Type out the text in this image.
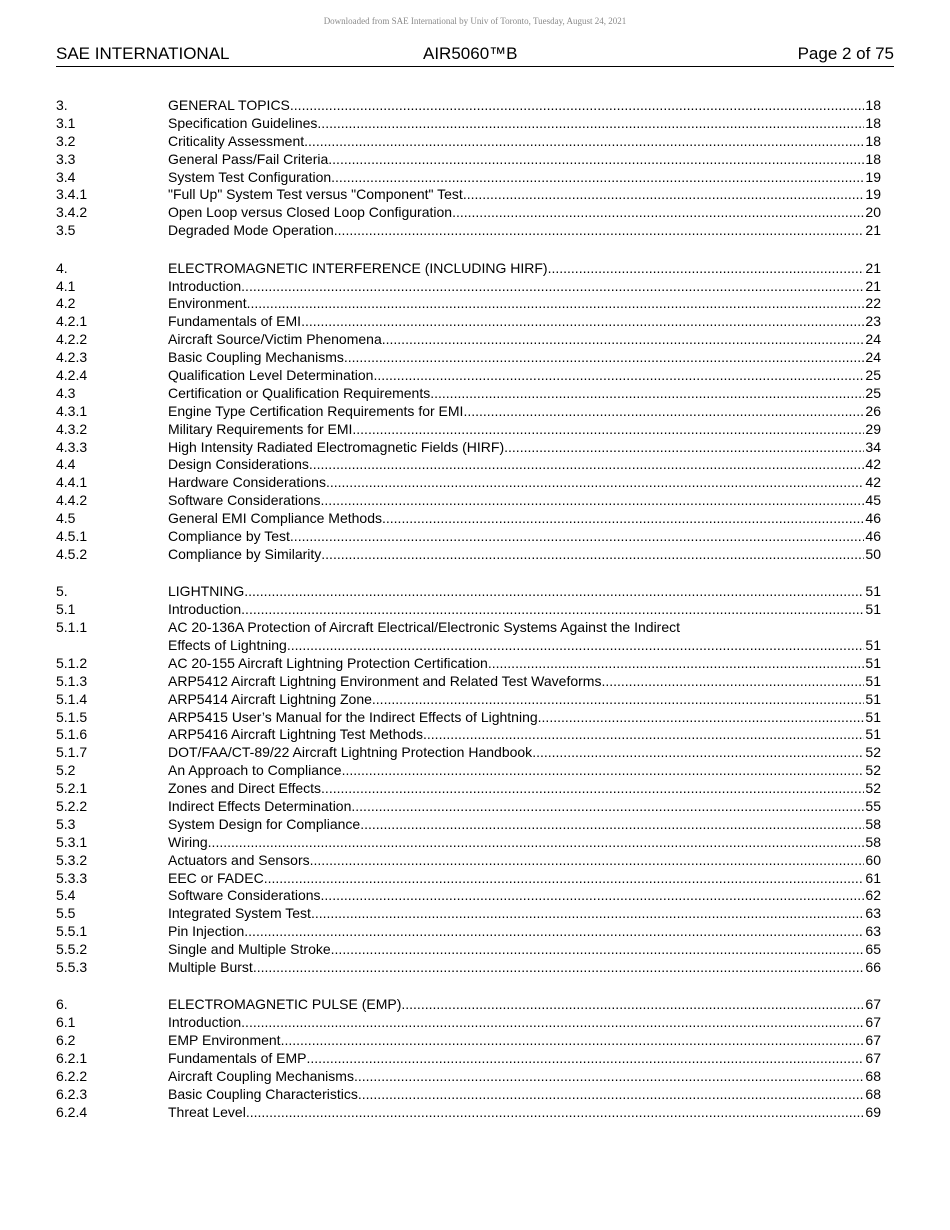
Downloaded from SAE International by Univ of Toronto, Tuesday, August 24, 2021
SAE INTERNATIONAL	AIR5060™B	Page 2 of 75
3.	GENERAL TOPICS .....	18
3.1	Specification Guidelines .....	18
3.2	Criticality Assessment .....	18
3.3	General Pass/Fail Criteria .....	18
3.4	System Test Configuration .....	19
3.4.1	"Full Up" System Test versus "Component" Test .....	19
3.4.2	Open Loop versus Closed Loop Configuration .....	20
3.5	Degraded Mode Operation .....	21
4.	ELECTROMAGNETIC INTERFERENCE (INCLUDING HIRF) .....	21
4.1	Introduction .....	21
4.2	Environment .....	22
4.2.1	Fundamentals of EMI .....	23
4.2.2	Aircraft Source/Victim Phenomena .....	24
4.2.3	Basic Coupling Mechanisms .....	24
4.2.4	Qualification Level Determination .....	25
4.3	Certification or Qualification Requirements .....	25
4.3.1	Engine Type Certification Requirements for EMI .....	26
4.3.2	Military Requirements for EMI .....	29
4.3.3	High Intensity Radiated Electromagnetic Fields (HIRF) .....	34
4.4	Design Considerations .....	42
4.4.1	Hardware Considerations .....	42
4.4.2	Software Considerations .....	45
4.5	General EMI Compliance Methods .....	46
4.5.1	Compliance by Test .....	46
4.5.2	Compliance by Similarity .....	50
5.	LIGHTNING .....	51
5.1	Introduction .....	51
5.1.1	AC 20-136A Protection of Aircraft Electrical/Electronic Systems Against the Indirect
Effects of Lightning .....	51
5.1.2	AC 20-155 Aircraft Lightning Protection Certification .....	51
5.1.3	ARP5412 Aircraft Lightning Environment and Related Test Waveforms .....	51
5.1.4	ARP5414 Aircraft Lightning Zone .....	51
5.1.5	ARP5415 User’s Manual for the Indirect Effects of Lightning .....	51
5.1.6	ARP5416 Aircraft Lightning Test Methods .....	51
5.1.7	DOT/FAA/CT-89/22 Aircraft Lightning Protection Handbook .....	52
5.2	An Approach to Compliance .....	52
5.2.1	Zones and Direct Effects .....	52
5.2.2	Indirect Effects Determination .....	55
5.3	System Design for Compliance .....	58
5.3.1	Wiring .....	58
5.3.2	Actuators and Sensors .....	60
5.3.3	EEC or FADEC .....	61
5.4	Software Considerations .....	62
5.5	Integrated System Test .....	63
5.5.1	Pin Injection .....	63
5.5.2	Single and Multiple Stroke .....	65
5.5.3	Multiple Burst .....	66
6.	ELECTROMAGNETIC PULSE (EMP) .....	67
6.1	Introduction .....	67
6.2	EMP Environment .....	67
6.2.1	Fundamentals of EMP .....	67
6.2.2	Aircraft Coupling Mechanisms .....	68
6.2.3	Basic Coupling Characteristics .....	68
6.2.4	Threat Level .....	69
